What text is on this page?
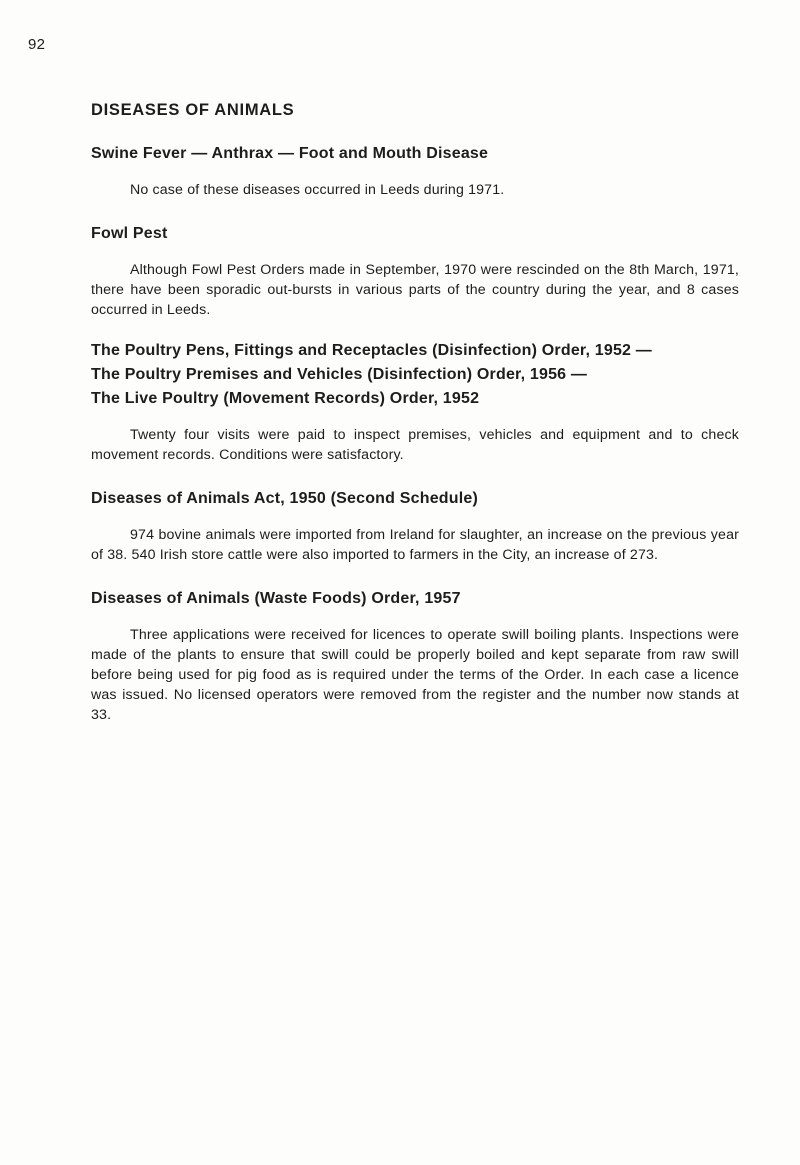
92
DISEASES OF ANIMALS
Swine Fever — Anthrax — Foot and Mouth Disease

No case of these diseases occurred in Leeds during 1971.

Fowl Pest

Although Fowl Pest Orders made in September, 1970 were rescinded on the 8th March, 1971, there have been sporadic out-bursts in various parts of the country during the year, and 8 cases occurred in Leeds.

The Poultry Pens, Fittings and Receptacles (Disinfection) Order, 1952 —
The Poultry Premises and Vehicles (Disinfection) Order, 1956 —
The Live Poultry (Movement Records) Order, 1952

Twenty four visits were paid to inspect premises, vehicles and equipment and to check movement records. Conditions were satisfactory.

Diseases of Animals Act, 1950 (Second Schedule)

974 bovine animals were imported from Ireland for slaughter, an increase on the previous year of 38. 540 Irish store cattle were also imported to farmers in the City, an increase of 273.

Diseases of Animals (Waste Foods) Order, 1957

Three applications were received for licences to operate swill boiling plants. Inspections were made of the plants to ensure that swill could be properly boiled and kept separate from raw swill before being used for pig food as is required under the terms of the Order. In each case a licence was issued. No licensed operators were removed from the register and the number now stands at 33.
